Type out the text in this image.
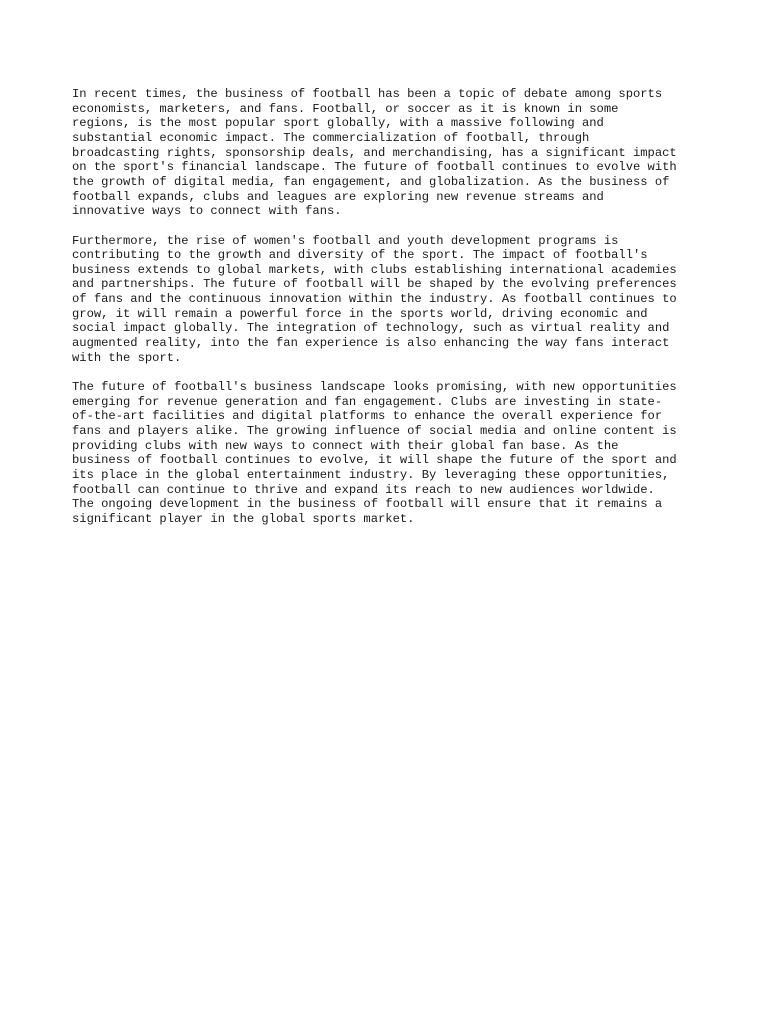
In recent times, the business of football has been a topic of debate among sports
economists, marketers, and fans. Football, or soccer as it is known in some
regions, is the most popular sport globally, with a massive following and
substantial economic impact. The commercialization of football, through
broadcasting rights, sponsorship deals, and merchandising, has a significant impact
on the sport's financial landscape. The future of football continues to evolve with
the growth of digital media, fan engagement, and globalization. As the business of
football expands, clubs and leagues are exploring new revenue streams and
innovative ways to connect with fans.

Furthermore, the rise of women's football and youth development programs is
contributing to the growth and diversity of the sport. The impact of football's
business extends to global markets, with clubs establishing international academies
and partnerships. The future of football will be shaped by the evolving preferences
of fans and the continuous innovation within the industry. As football continues to
grow, it will remain a powerful force in the sports world, driving economic and
social impact globally. The integration of technology, such as virtual reality and
augmented reality, into the fan experience is also enhancing the way fans interact
with the sport.

The future of football's business landscape looks promising, with new opportunities
emerging for revenue generation and fan engagement. Clubs are investing in state-
of-the-art facilities and digital platforms to enhance the overall experience for
fans and players alike. The growing influence of social media and online content is
providing clubs with new ways to connect with their global fan base. As the
business of football continues to evolve, it will shape the future of the sport and
its place in the global entertainment industry. By leveraging these opportunities,
football can continue to thrive and expand its reach to new audiences worldwide.
The ongoing development in the business of football will ensure that it remains a
significant player in the global sports market.
